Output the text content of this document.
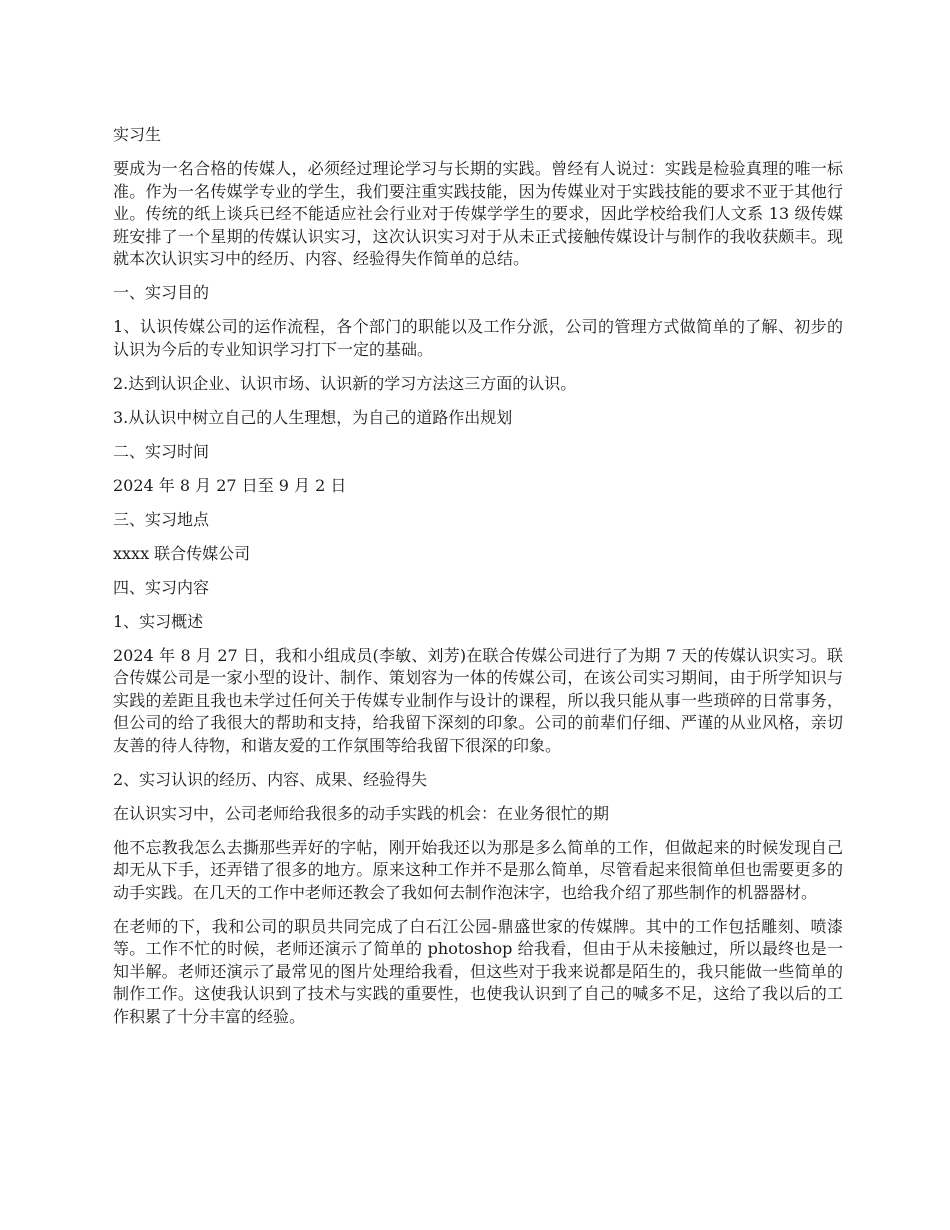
实习生

要成为一名合格的传媒人，必须经过理论学习与长期的实践。曾经有人说过：实践是检验真理的唯一标准。作为一名传媒学专业的学生，我们要注重实践技能，因为传媒业对于实践技能的要求不亚于其他行业。传统的纸上谈兵已经不能适应社会行业对于传媒学学生的要求，因此学校给我们人文系 13 级传媒班安排了一个星期的传媒认识实习，这次认识实习对于从未正式接触传媒设计与制作的我收获颇丰。现就本次认识实习中的经历、内容、经验得失作简单的总结。

一、实习目的

1、认识传媒公司的运作流程，各个部门的职能以及工作分派，公司的管理方式做简单的了解、初步的认识为今后的专业知识学习打下一定的基础。

2.达到认识企业、认识市场、认识新的学习方法这三方面的认识。

3.从认识中树立自己的人生理想，为自己的道路作出规划

二、实习时间

2024 年 8 月 27 日至 9 月 2 日

三、实习地点

xxxx 联合传媒公司

四、实习内容

1、实习概述

2024 年 8 月 27 日，我和小组成员(李敏、刘芳)在联合传媒公司进行了为期 7 天的传媒认识实习。联合传媒公司是一家小型的设计、制作、策划容为一体的传媒公司，在该公司实习期间，由于所学知识与实践的差距且我也未学过任何关于传媒专业制作与设计的课程，所以我只能从事一些琐碎的日常事务，但公司的给了我很大的帮助和支持，给我留下深刻的印象。公司的前辈们仔细、严谨的从业风格，亲切友善的待人待物，和谐友爱的工作氛围等给我留下很深的印象。

2、实习认识的经历、内容、成果、经验得失

在认识实习中，公司老师给我很多的动手实践的机会：在业务很忙的期

他不忘教我怎么去撕那些弄好的字帖，刚开始我还以为那是多么简单的工作，但做起来的时候发现自己却无从下手，还弄错了很多的地方。原来这种工作并不是那么简单，尽管看起来很简单但也需要更多的动手实践。在几天的工作中老师还教会了我如何去制作泡沫字，也给我介绍了那些制作的机器器材。

在老师的下，我和公司的职员共同完成了白石江公园-鼎盛世家的传媒牌。其中的工作包括雕刻、喷漆等。工作不忙的时候，老师还演示了简单的 photoshop 给我看，但由于从未接触过，所以最终也是一知半解。老师还演示了最常见的图片处理给我看，但这些对于我来说都是陌生的，我只能做一些简单的制作工作。这使我认识到了技术与实践的重要性，也使我认识到了自己的喊多不足，这给了我以后的工作积累了十分丰富的经验。
